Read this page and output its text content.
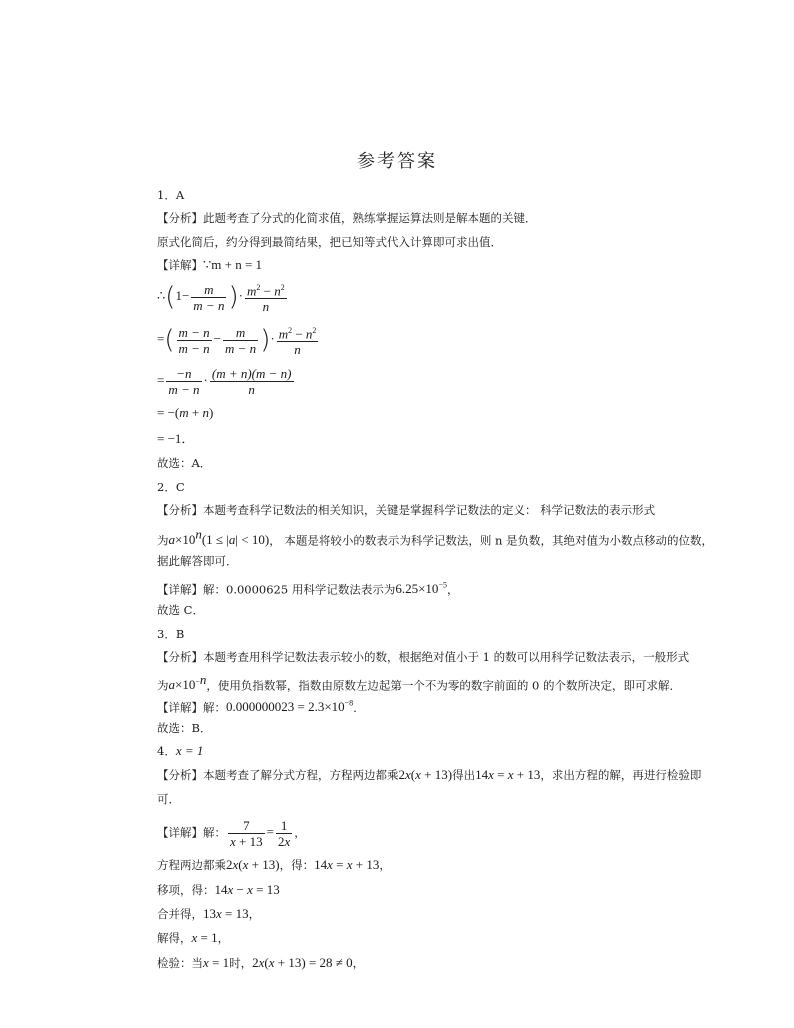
参考答案
1．A
【分析】此题考查了分式的化简求值，熟练掌握运算法则是解本题的关键．
原式化简后，约分得到最简结果，把已知等式代入计算即可求出值．
【详解】∵m + n = 1
∴(1− $\frac{m}{m - n}$ )· $\frac{m^2 - n^2}{n}$
=( $\frac{m - n}{m - n} - \frac{m}{m - n}$ )· $\frac{m^2 - n^2}{n}$
= $\frac{-n}{m - n} \cdot \frac{(m + n)(m - n)}{n}$
= −(m + n)
= −1．
故选：A．
2．C
【分析】本题考查科学记数法的相关知识，关键是掌握科学记数法的定义： 科学记数法的表示形式
为$a\times 10^n(1 \le |a| < 10)$， 本题是将较小的数表示为科学记数法，则 n 是负数，其绝对值为小数点移动的位数，
据此解答即可．
【详解】解：0.0000625 用科学记数法表示为$6.25\times 10^{-5}$，
故选 C．
3．B
【分析】本题考查用科学记数法表示较小的数，根据绝对值小于 1 的数可以用科学记数法表示，一般形式
为$a\times 10^{-n}$，使用负指数幂，指数由原数左边起第一个不为零的数字前面的 0 的个数所决定，即可求解．
【详解】解：$0.000000023 = 2.3\times 10^{-8}$．
故选：B．
4．x = 1
【分析】本题考查了解分式方程，方程两边都乘2x(x + 13)得出14x = x + 13，求出方程的解，再进行检验即
可．
【详解】解： $\frac{7}{x + 13} = \frac{1}{2x}$ ，
方程两边都乘2x(x + 13)，得：14x = x + 13，
移项，得：14x − x = 13
合并得，13x = 13，
解得，x = 1，
检验：当x = 1时，2x(x + 13) = 28 ≠ 0，
